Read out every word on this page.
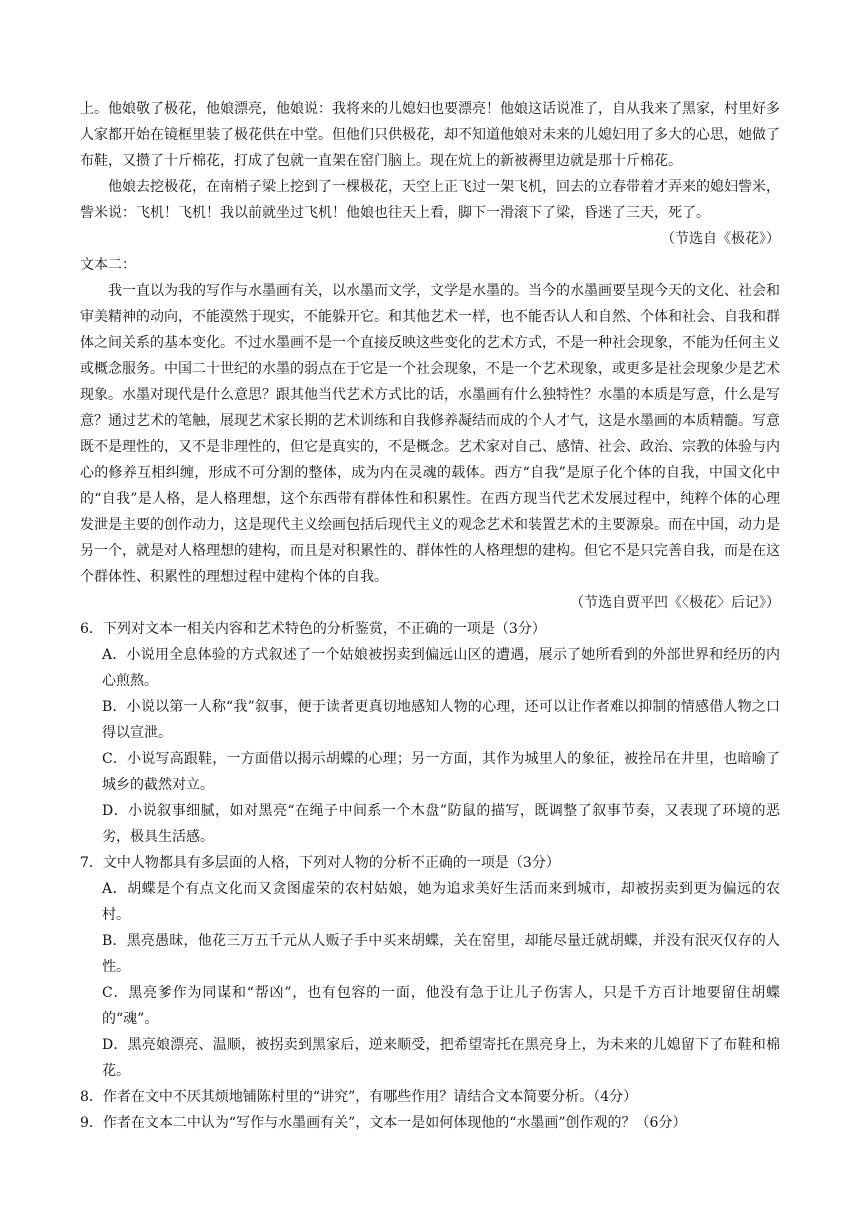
上。他娘敬了极花，他娘漂亮，他娘说：我将来的儿媳妇也要漂亮！他娘这话说准了，自从我来了黑家，村里好多人家都开始在镜框里装了极花供在中堂。但他们只供极花，却不知道他娘对未来的儿媳妇用了多大的心思，她做了布鞋，又攒了十斤棉花，打成了包就一直架在窑门脑上。现在炕上的新被褥里边就是那十斤棉花。

他娘去挖极花，在南梢子梁上挖到了一棵极花，天空上正飞过一架飞机，回去的立春带着才弄来的媳妇訾米，訾米说：飞机！飞机！我以前就坐过飞机！他娘也往天上看，脚下一滑滚下了梁，昏迷了三天，死了。

（节选自《极花》）

文本二：

我一直以为我的写作与水墨画有关，以水墨而文学，文学是水墨的。当今的水墨画要呈现今天的文化、社会和审美精神的动向，不能漠然于现实，不能躲开它。和其他艺术一样，也不能否认人和自然、个体和社会、自我和群体之间关系的基本变化。不过水墨画不是一个直接反映这些变化的艺术方式，不是一种社会现象，不能为任何主义或概念服务。中国二十世纪的水墨的弱点在于它是一个社会现象，不是一个艺术现象，或更多是社会现象少是艺术现象。水墨对现代是什么意思？跟其他当代艺术方式比的话，水墨画有什么独特性？水墨的本质是写意，什么是写意？通过艺术的笔触，展现艺术家长期的艺术训练和自我修养凝结而成的个人才气，这是水墨画的本质精髓。写意既不是理性的，又不是非理性的，但它是真实的，不是概念。艺术家对自己、感情、社会、政治、宗教的体验与内心的修养互相纠缠，形成不可分割的整体，成为内在灵魂的载体。西方“自我”是原子化个体的自我，中国文化中的“自我”是人格，是人格理想，这个东西带有群体性和积累性。在西方现当代艺术发展过程中，纯粹个体的心理发泄是主要的创作动力，这是现代主义绘画包括后现代主义的观念艺术和装置艺术的主要源泉。而在中国，动力是另一个，就是对人格理想的建构，而且是对积累性的、群体性的人格理想的建构。但它不是只完善自我，而是在这个群体性、积累性的理想过程中建构个体的自我。

（节选自贾平凹《〈极花〉后记》）

6．下列对文本一相关内容和艺术特色的分析鉴赏，不正确的一项是（3分）

A．小说用全息体验的方式叙述了一个姑娘被拐卖到偏远山区的遭遇，展示了她所看到的外部世界和经历的内心煎熬。

B．小说以第一人称“我”叙事，便于读者更真切地感知人物的心理，还可以让作者难以抑制的情感借人物之口得以宣泄。

C．小说写高跟鞋，一方面借以揭示胡蝶的心理；另一方面，其作为城里人的象征，被拴吊在井里，也暗喻了城乡的截然对立。

D．小说叙事细腻，如对黑亮“在绳子中间系一个木盘”防鼠的描写，既调整了叙事节奏，又表现了环境的恶劣，极具生活感。

7．文中人物都具有多层面的人格，下列对人物的分析不正确的一项是（3分）

A．胡蝶是个有点文化而又贪图虚荣的农村姑娘，她为追求美好生活而来到城市，却被拐卖到更为偏远的农村。

B．黑亮愚昧，他花三万五千元从人贩子手中买来胡蝶，关在窑里，却能尽量迁就胡蝶，并没有泯灭仅存的人性。

C．黑亮爹作为同谋和“帮凶”，也有包容的一面，他没有急于让儿子伤害人，只是千方百计地要留住胡蝶的“魂”。

D．黑亮娘漂亮、温顺，被拐卖到黑家后，逆来顺受，把希望寄托在黑亮身上，为未来的儿媳留下了布鞋和棉花。

8．作者在文中不厌其烦地铺陈村里的“讲究”，有哪些作用？请结合文本简要分析。（4分）

9．作者在文本二中认为“写作与水墨画有关”，文本一是如何体现他的“水墨画”创作观的？（6分）
